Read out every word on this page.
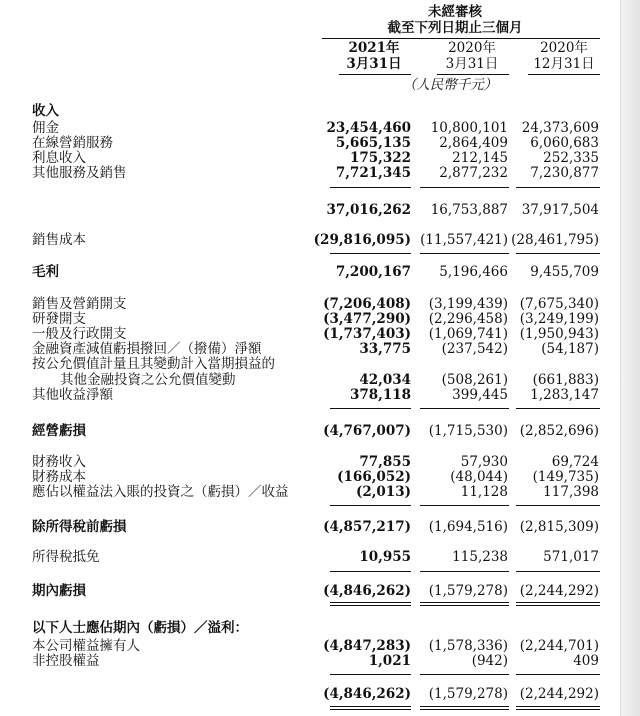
未經審核
截至下列日期止三個月
2021年
3月31日
2020年
3月31日
2020年
12月31日
（人民幣千元）
收入
佣金	23,454,460 10,800,101 24,373,609
在線營銷服務	5,665,135 2,864,409 6,060,683
利息收入	175,322	212,145	252,335
其他服務及銷售	7,721,345 2,877,232 7,230,877
37,016,262 16,753,887 37,917,504
銷售成本	(29,816,095) (11,557,421) (28,461,795)
毛利	7,200,167 5,196,466 9,455,709
銷售及營銷開支	(7,206,408) (3,199,439) (7,675,340)
研發開支	(3,477,290) (2,296,458) (3,249,199)
一般及行政開支	(1,737,403) (1,069,741) (1,950,943)
金融資產減值虧損撥回／（撥備）淨額	33,775 (237,542) (54,187)
按公允價值計量且其變動計入當期損益的
其他金融投資之公允價值變動	42,034 (508,261) (661,883)
其他收益淨額	378,118	399,445 1,283,147
經營虧損	(4,767,007) (1,715,530) (2,852,696)
財務收入	77,855	57,930	69,724
財務成本	(166,052)	(48,044) (149,735)
應佔以權益法入賬的投資之（虧損）／收益	(2,013)	11,128	117,398
除所得稅前虧損	(4,857,217) (1,694,516) (2,815,309)
所得稅抵免	10,955	115,238	571,017
期內虧損	(4,846,262) (1,579,278) (2,244,292)
以下人士應佔期內（虧損）／溢利：
本公司權益擁有人	(4,847,283) (1,578,336) (2,244,701)
非控股權益	1,021	(942)	409
(4,846,262) (1,579,278) (2,244,292)
